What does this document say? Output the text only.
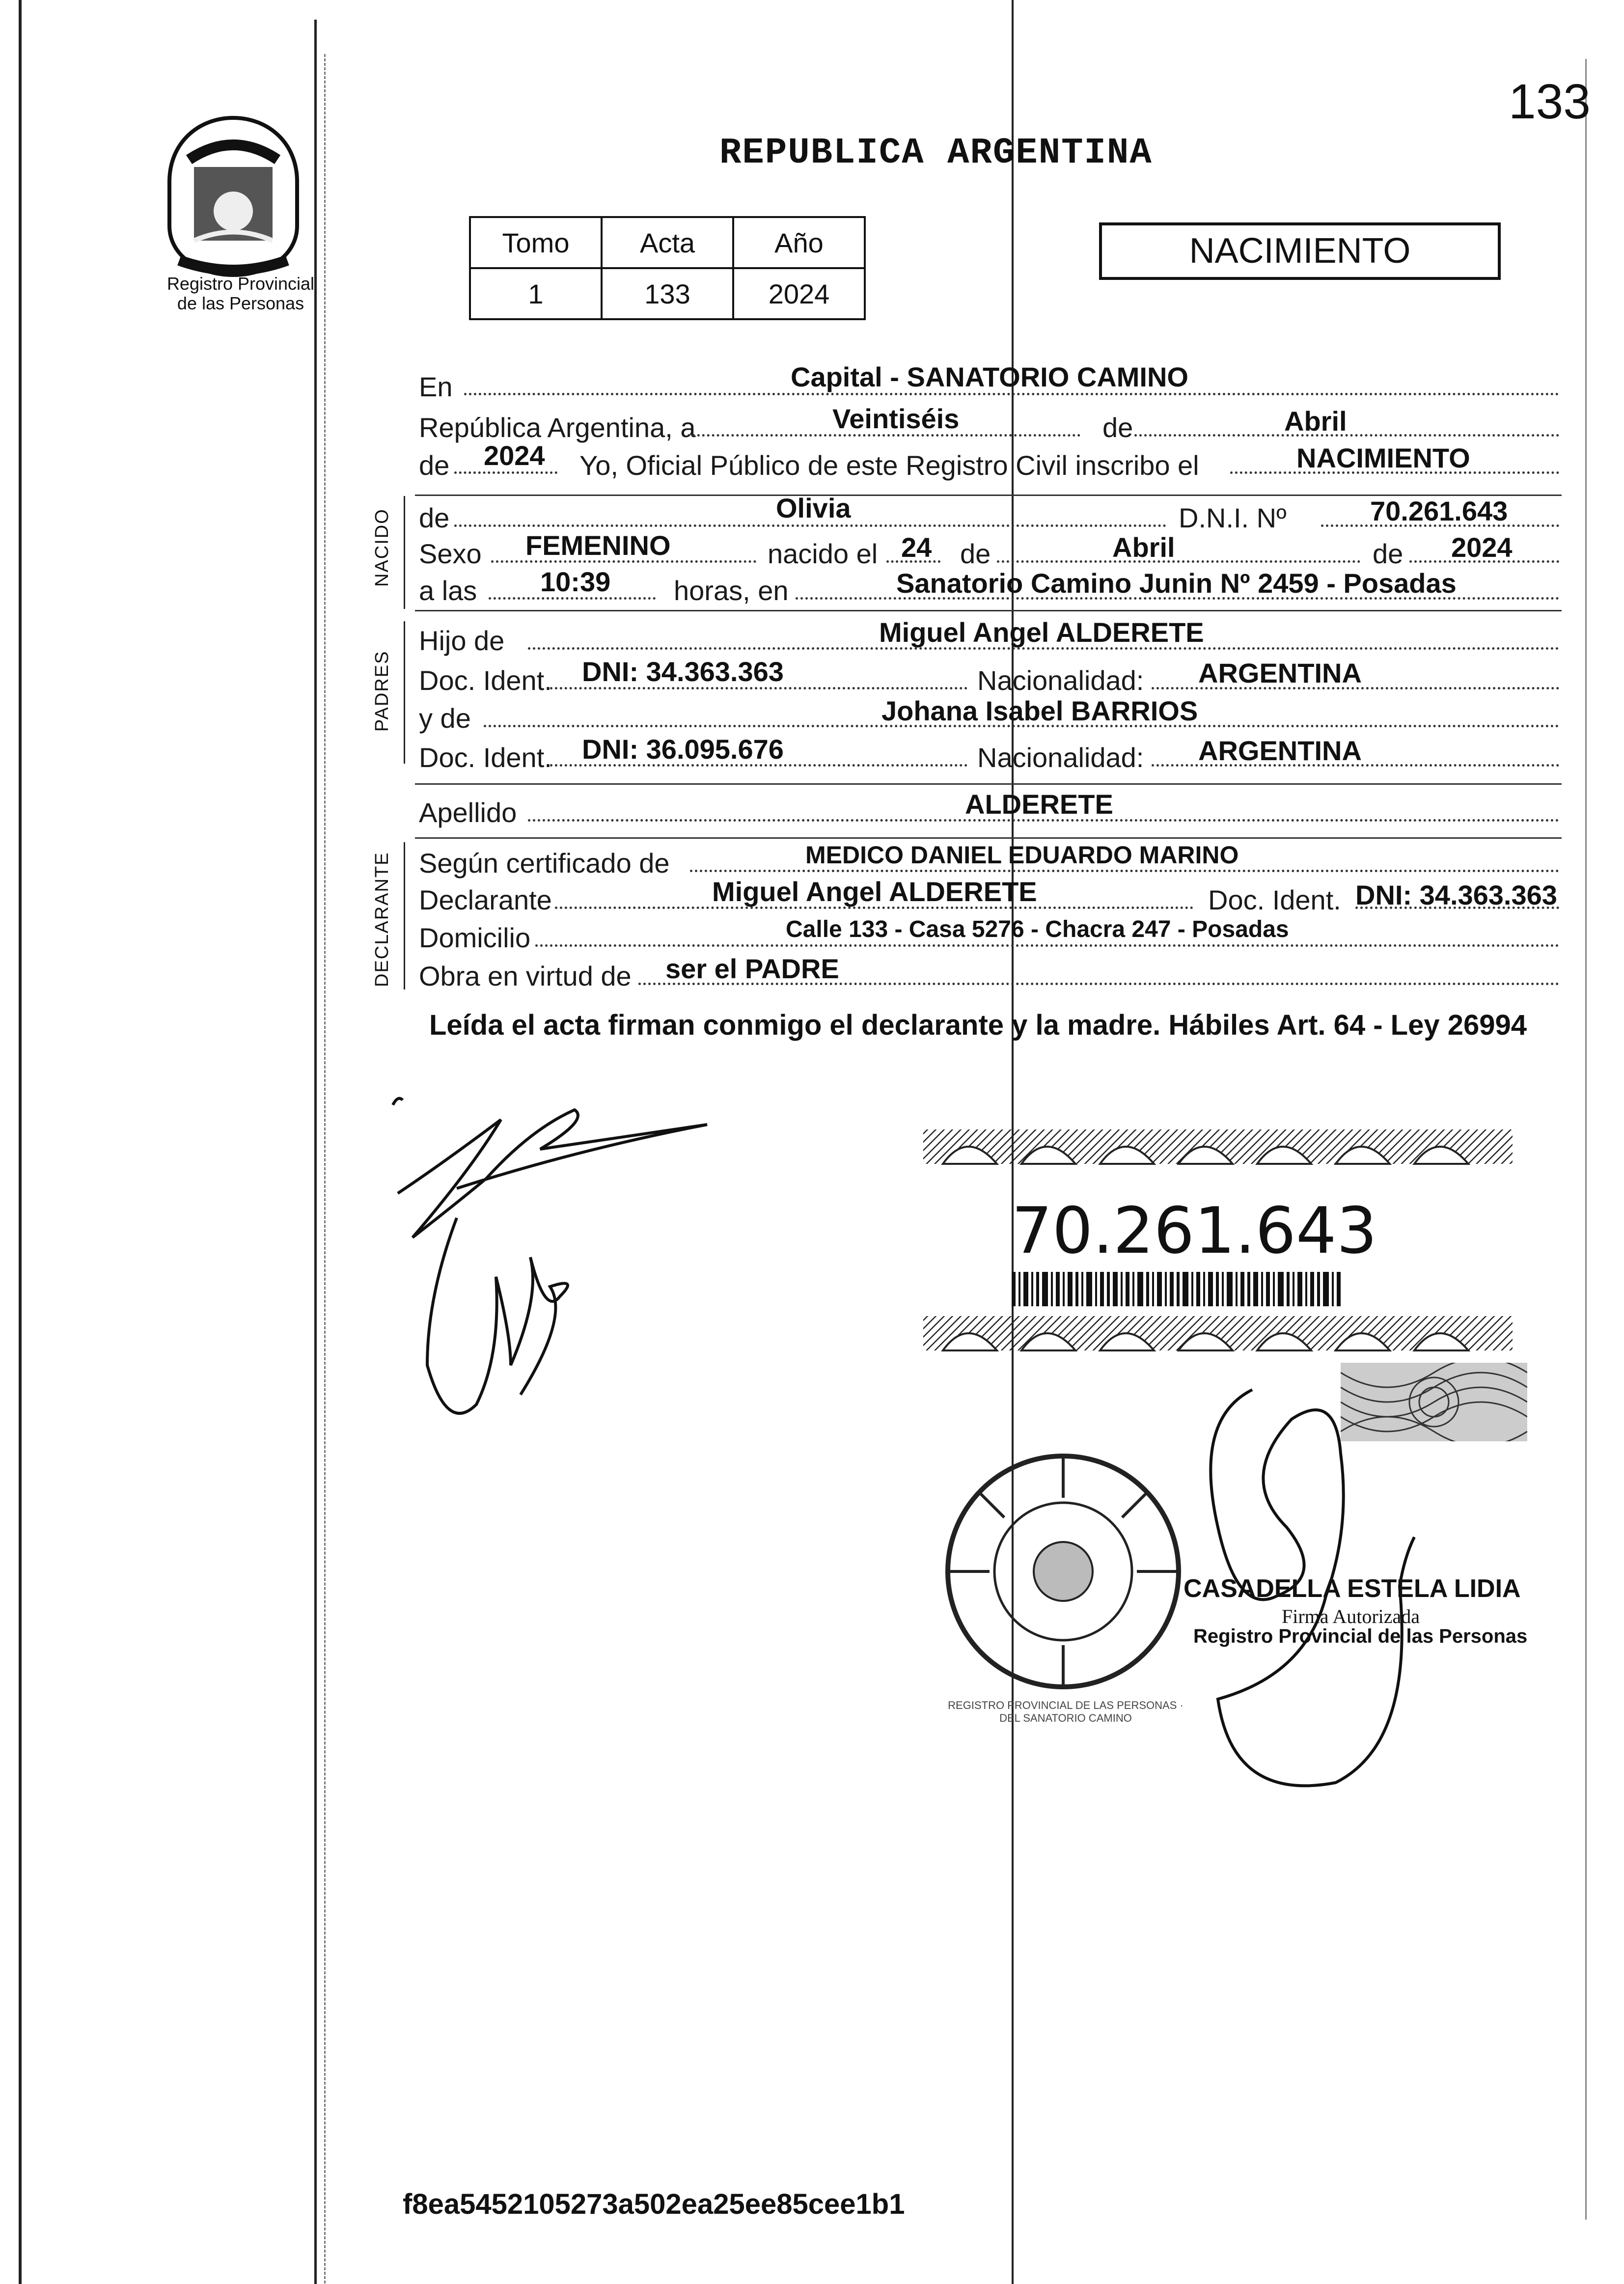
133
Registro Provincial
de las Personas
REPUBLICA ARGENTINA
Tomo	Acta	Año
1	133	2024
NACIMIENTO
NACIDO
PADRES
DECLARANTE
En	Capital - SANATORIO CAMINO
República Argentina, a	Veintiséis	de	Abril
de 2024 Yo, Oficial Público de este Registro Civil inscribo el	NACIMIENTO
de	Olivia	D.N.I. Nº	70.261.643
Sexo FEMENINO	nacido el 24 de	Abril	de 2024
a las 10:39 horas, en	Sanatorio Camino Junin Nº 2459 - Posadas
Hijo de	Miguel Angel ALDERETE
Doc. Ident. DNI: 34.363.363	Nacionalidad: ARGENTINA
y de	Johana Isabel BARRIOS
Doc. Ident. DNI: 36.095.676	Nacionalidad: ARGENTINA
Apellido	ALDERETE
Según certificado de	MEDICO DANIEL EDUARDO MARINO
Declarante	Miguel Angel ALDERETE	Doc. Ident. DNI: 34.363.363
Domicilio	Calle 133 - Casa 5276 - Chacra 247 - Posadas
Obra en virtud de ser el PADRE
Leída el acta firman conmigo el declarante y la madre. Hábiles Art. 64 - Ley 26994
70.261.643
REGISTRO PROVINCIAL DE LAS PERSONAS · DEL SANATORIO CAMINO
CASADELLA ESTELA LIDIA
Firma Autorizada
Registro Provincial de las Personas
f8ea5452105273a502ea25ee85cee1b1
